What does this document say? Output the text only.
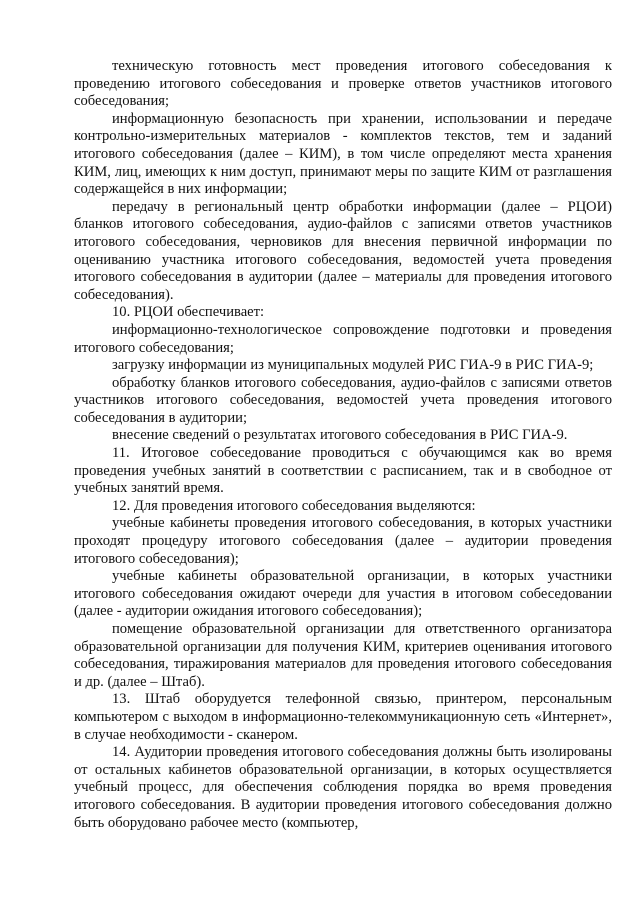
техническую готовность мест проведения итогового собеседования к проведению итогового собеседования и проверке ответов участников итогового собеседования;

информационную безопасность при хранении, использовании и передаче контрольно-измерительных материалов - комплектов текстов, тем и заданий итогового собеседования (далее – КИМ), в том числе определяют места хранения КИМ, лиц, имеющих к ним доступ, принимают меры по защите КИМ от разглашения содержащейся в них информации;

передачу в региональный центр обработки информации (далее – РЦОИ) бланков итогового собеседования, аудио-файлов с записями ответов участников итогового собеседования, черновиков для внесения первичной информации по оцениванию участника итогового собеседования, ведомостей учета проведения итогового собеседования в аудитории (далее – материалы для проведения итогового собеседования).

10. РЦОИ обеспечивает:

информационно-технологическое сопровождение подготовки и проведения итогового собеседования;

загрузку информации из муниципальных модулей РИС ГИА-9 в РИС ГИА-9;

обработку бланков итогового собеседования, аудио-файлов с записями ответов участников итогового собеседования, ведомостей учета проведения итогового собеседования в аудитории;

внесение сведений о результатах итогового собеседования в РИС ГИА-9.

11. Итоговое собеседование проводиться с обучающимся как во время проведения учебных занятий в соответствии с расписанием, так и в свободное от учебных занятий время.

12. Для проведения итогового собеседования выделяются:

учебные кабинеты проведения итогового собеседования, в которых участники проходят процедуру итогового собеседования (далее – аудитории проведения итогового собеседования);

учебные кабинеты образовательной организации, в которых участники итогового собеседования ожидают очереди для участия в итоговом собеседовании (далее - аудитории ожидания итогового собеседования);

помещение образовательной организации для ответственного организатора образовательной организации для получения КИМ, критериев оценивания итогового собеседования, тиражирования материалов для проведения итогового собеседования и др. (далее – Штаб).

13. Штаб оборудуется телефонной связью, принтером, персональным компьютером с выходом в информационно-телекоммуникационную сеть «Интернет», в случае необходимости - сканером.

14. Аудитории проведения итогового собеседования должны быть изолированы от остальных кабинетов образовательной организации, в которых осуществляется учебный процесс, для обеспечения соблюдения порядка во время проведения итогового собеседования. В аудитории проведения итогового собеседования должно быть оборудовано рабочее место (компьютер,
